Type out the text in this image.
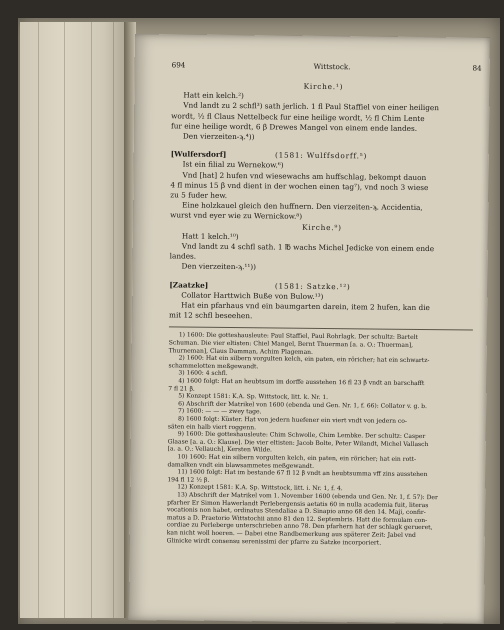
694	Wittstock.	84
Kirche.¹)
Hatt ein kelch.²)
Vnd landt zu 2 schfl³) sath jerlich. 1 fl Paul Staffiel von einer heiligen
wordt, ½ fl Claus Nettelbeck fur eine heilige wordt, ½ fl Chim Lente
fur eine heilige wordt, 6 β Drewes Mangel von einem ende landes.
Den vierzeiten-ϡ.⁴))
[Wulfersdorf]	(1581: Wulffsdorff.⁵)
Ist ein filial zu Wernekow.⁶)
Vnd [hat] 2 hufen vnd wiesewachs am huffschlag, bekompt dauon
4 fl minus 15 β vnd dient in der wochen einen tag⁷), vnd noch 3 wiese
zu 5 fuder hew.
Eine holzkauel gleich den huffnern. Den vierzeiten-ϡ. Accidentia,
wurst vnd eyer wie zu Wernickow.⁸)
Kirche.⁹)
Hatt 1 kelch.¹⁰)
Vnd landt zu 4 schfl sath. 1 ℔ wachs Michel Jedicke von einem ende
landes.
Den vierzeiten-ϡ.¹¹))
[Zaatzke]	(1581: Satzke.¹²)
Collator Harttwich Buße von Bulow.¹³)
Hat ein pfarhaus vnd ein baumgarten darein, item 2 hufen, kan die
mit 12 schfl beseehen.
1) 1600: Die gotteshausleute: Paul Staffiel, Paul Rohrlagk. Der schultz: Bartelt
Schuman. Die vier eltisten: Chiel Mangel, Bernt Thuerman [a. a. O.: Thuerman],
Thurneman], Claus Damman, Achim Plageman.
2) 1600: Hat ein silbern vorgulten kelch, ein paten, ein röricher; hat ein schwartz-
schammelotten meßgewandt.
3) 1600: 4 schfl.
4) 1600 folgt: Hat an heubtsum im dorffe ausstehen 16 fl 23 β vndt an barschafft
7 fl 21 β.
5) Konzept 1581: K.A. Sp. Wittstock, litt. k. Nr. 1.
6) Abschrift der Matrikel von 1600 (ebenda und Gen. Nr. 1, f. 66): Collator v. g. b.
7) 1600: — — — zwey tage.
8) 1600 folgt: Küster. Hat von jedern huefener ein viert vndt von jedern co-
säten ein halb viert roggenn.
9) 1600: Die gotteshausleute: Chim Schwolle, Chim Lembke. Der schultz: Casper
Glaase [a. a. O.: Klause]. Die vier eltisten: Jacob Bolte, Peter Wilandt, Michel Vallasch
[a. a. O.: Vellauch], Kersten Wilde.
10) 1600: Hat ein silbern vorgulten kelch, ein paten, ein röricher; hat ein rott-
damalken vndt ein blawsammetes meßgewandt.
11) 1600 folgt: Hat im bestande 67 fl 12 β vndt an heubtsumma vff zins ausstehen
194 fl 12 ½ β.
12) Konzept 1581: K.A. Sp. Wittstock, litt. i. Nr. 1, f. 4.
13) Abschrift der Matrikel vom 1. November 1600 (ebenda und Gen. Nr. 1, f. 57): Der
pfarher Er Simon Hawerlandt Perlebergensis aetatis 60 in nulla academia fuit, literas
vocationis non habet, ordinatus Stendaliae a D. Sinapio anno 68 den 14. Maji, confir-
matus a D. Praetorio Wittstochii anno 81 den 12. Septembris. Hatt die formulam con-
cordiae zu Perleberge unterschrieben anno 78. Den pfarhern hat der schlagk gerueret,
kan nicht woll hoeren. — Dabei eine Randbemerkung aus späterer Zeit: Jabel vnd
Glinicke wirdt consensu serenissimi der pfarre zu Satzke incorporiert.
